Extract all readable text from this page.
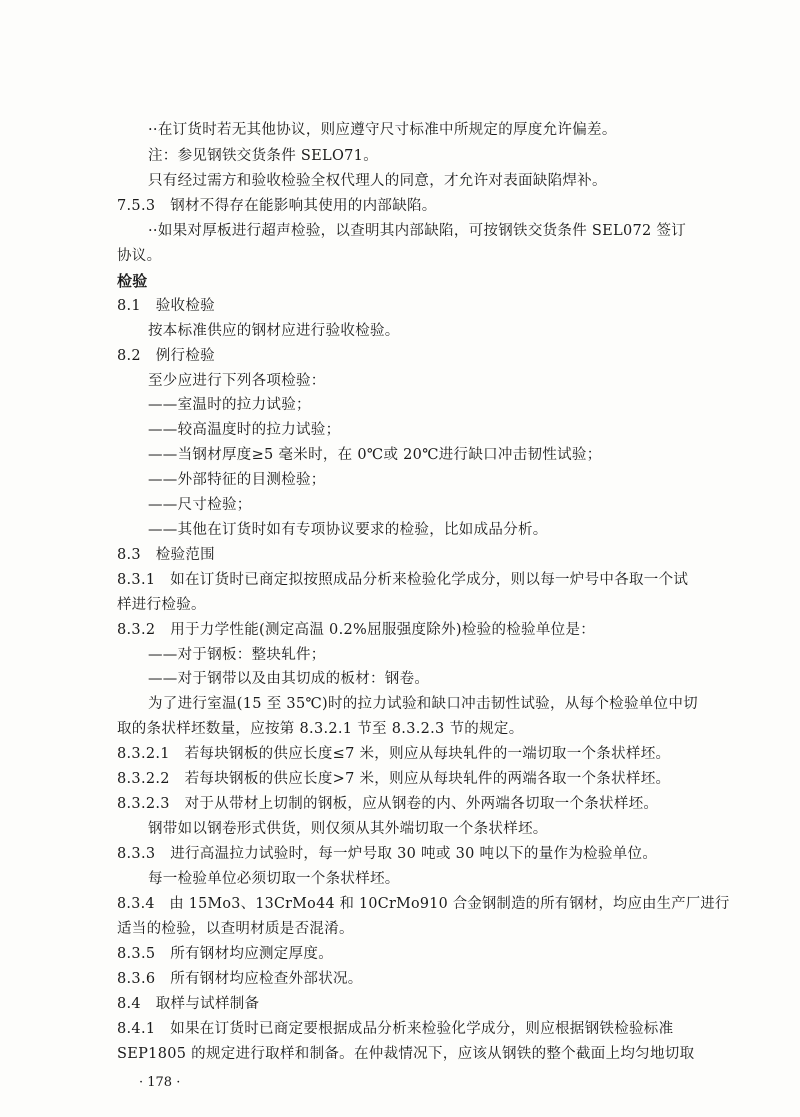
··在订货时若无其他协议，则应遵守尺寸标准中所规定的厚度允许偏差。
注：参见钢铁交货条件 SELO71。
只有经过需方和验收检验全权代理人的同意，才允许对表面缺陷焊补。
7.5.3　钢材不得存在能影响其使用的内部缺陷。
··如果对厚板进行超声检验，以查明其内部缺陷，可按钢铁交货条件 SEL072 签订
协议。
检验
8.1　验收检验
按本标准供应的钢材应进行验收检验。
8.2　例行检验
至少应进行下列各项检验：
——室温时的拉力试验；
——较高温度时的拉力试验；
——当钢材厚度≥5 毫米时，在 0℃或 20℃进行缺口冲击韧性试验；
——外部特征的目测检验；
——尺寸检验；
——其他在订货时如有专项协议要求的检验，比如成品分析。
8.3　检验范围
8.3.1　如在订货时已商定拟按照成品分析来检验化学成分，则以每一炉号中各取一个试
样进行检验。
8.3.2　用于力学性能(测定高温 0.2%屈服强度除外)检验的检验单位是：
——对于钢板：整块轧件；
——对于钢带以及由其切成的板材：钢卷。
为了进行室温(15 至 35℃)时的拉力试验和缺口冲击韧性试验，从每个检验单位中切
取的条状样坯数量，应按第 8.3.2.1 节至 8.3.2.3 节的规定。
8.3.2.1　若每块钢板的供应长度≤7 米，则应从每块轧件的一端切取一个条状样坯。
8.3.2.2　若每块钢板的供应长度>7 米，则应从每块轧件的两端各取一个条状样坯。
8.3.2.3　对于从带材上切制的钢板，应从钢卷的内、外两端各切取一个条状样坯。
钢带如以钢卷形式供货，则仅须从其外端切取一个条状样坯。
8.3.3　进行高温拉力试验时，每一炉号取 30 吨或 30 吨以下的量作为检验单位。
每一检验单位必须切取一个条状样坯。
8.3.4　由 15Mo3、13CrMo44 和 10CrMo910 合金钢制造的所有钢材，均应由生产厂进行
适当的检验，以查明材质是否混淆。
8.3.5　所有钢材均应测定厚度。
8.3.6　所有钢材均应检查外部状况。
8.4　取样与试样制备
8.4.1　如果在订货时已商定要根据成品分析来检验化学成分，则应根据钢铁检验标准
SEP1805 的规定进行取样和制备。在仲裁情况下，应该从钢铁的整个截面上均匀地切取
· 178 ·
